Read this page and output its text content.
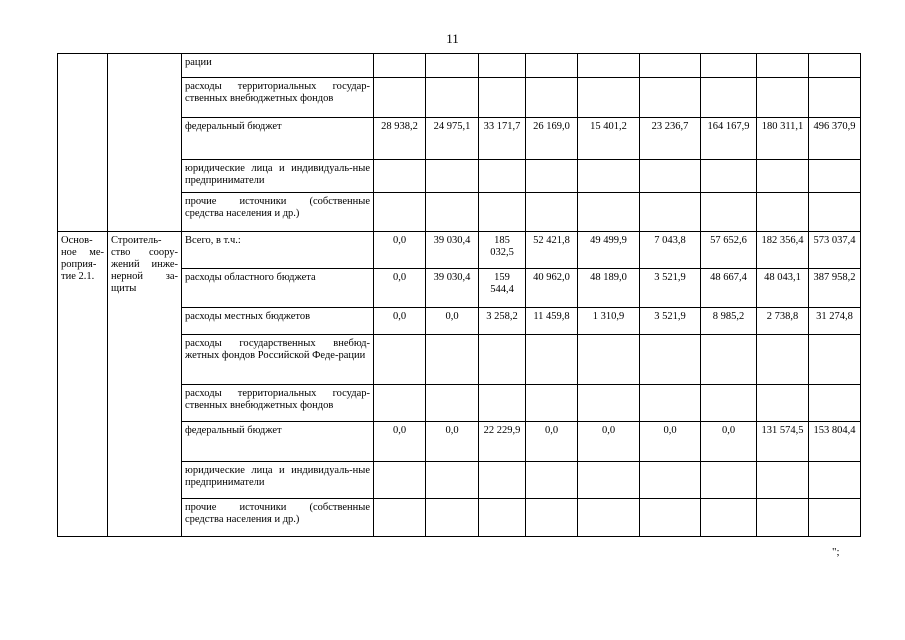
11
		рации									
		расходы территориальных государ-ственных внебюджетных фондов									
		федеральный бюджет	28 938,2	24 975,1	33 171,7	26 169,0	15 401,2	23 236,7	164 167,9	180 311,1	496 370,9
		юридические лица и индивидуаль-ные предприниматели									
		прочие источники (собственные средства населения и др.)									
Основ-ное ме-роприя-тие 2.1.	Строитель-ство соору-жений инже-нерной за-щиты	Всего, в т.ч.:	0,0	39 030,4	185 032,5	52 421,8	49 499,9	7 043,8	57 652,6	182 356,4	573 037,4
		расходы областного бюджета	0,0	39 030,4	159 544,4	40 962,0	48 189,0	3 521,9	48 667,4	48 043,1	387 958,2
		расходы местных бюджетов	0,0	0,0	3 258,2	11 459,8	1 310,9	3 521,9	8 985,2	2 738,8	31 274,8
		расходы государственных внебюд-жетных фондов Российской Феде-рации									
		расходы территориальных государ-ственных внебюджетных фондов									
		федеральный бюджет	0,0	0,0	22 229,9	0,0	0,0	0,0	0,0	131 574,5	153 804,4
		юридические лица и индивидуаль-ные предприниматели									
		прочие источники (собственные средства населения и др.)									
";
